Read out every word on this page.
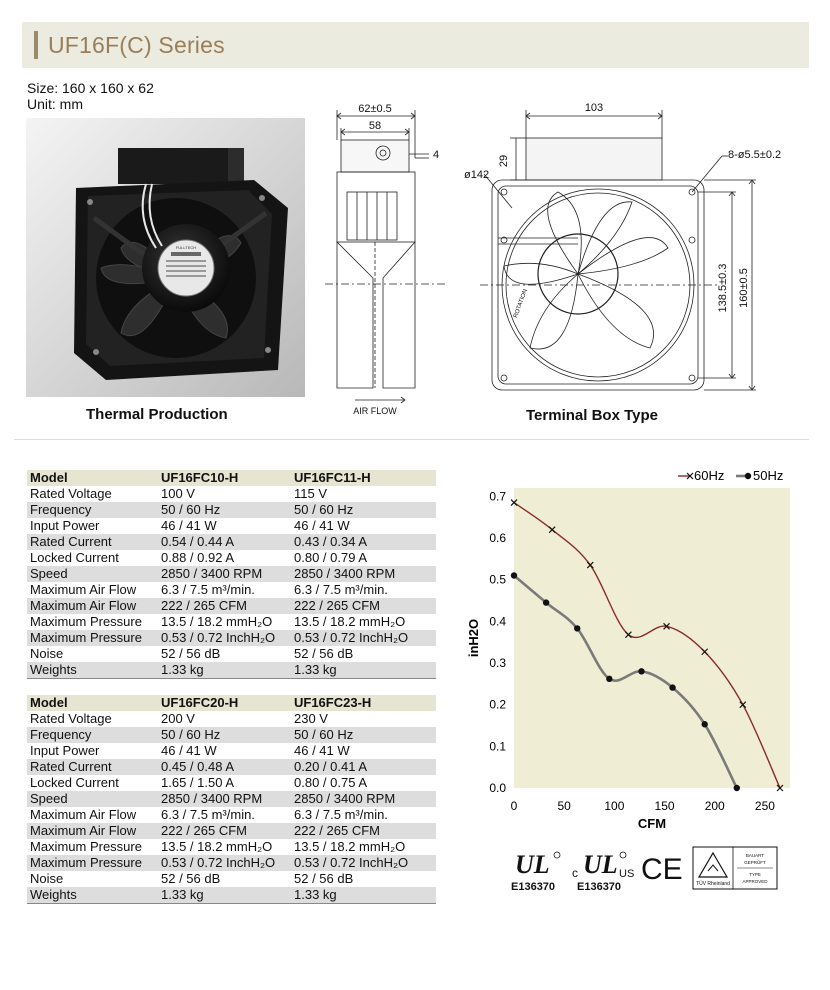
UF16F(C) Series
Size: 160 x 160 x 62
Unit: mm
FULLTECH
Thermal Production
62±0.5
58
4
AIR FLOW
103
29
ø142
8-ø5.5±0.2
138.5±0.3 160±0.5
ROTATION
Terminal Box Type
Model	UF16FC10-H	UF16FC11-H
Rated Voltage	100 V	115 V
Frequency	50 / 60 Hz	50 / 60 Hz
Input Power	46 / 41 W	46 / 41 W
Rated Current	0.54 / 0.44 A	0.43 / 0.34 A
Locked Current	0.88 / 0.92 A	0.80 / 0.79 A
Speed	2850 / 3400 RPM	2850 / 3400 RPM
Maximum Air Flow	6.3 / 7.5 m³/min.	6.3 / 7.5 m³/min.
Maximum Air Flow	222 / 265 CFM	222 / 265 CFM
Maximum Pressure	13.5 / 18.2 mmH₂O	13.5 / 18.2 mmH₂O
Maximum Pressure	0.53 / 0.72 InchH₂O	0.53 / 0.72 InchH₂O
Noise	52 / 56 dB	52 / 56 dB
Weights	1.33 kg	1.33 kg
Model	UF16FC20-H	UF16FC23-H
Rated Voltage	200 V	230 V
Frequency	50 / 60 Hz	50 / 60 Hz
Input Power	46 / 41 W	46 / 41 W
Rated Current	0.45 / 0.48 A	0.20 / 0.41 A
Locked Current	1.65 / 1.50 A	0.80 / 0.75 A
Speed	2850 / 3400 RPM	2850 / 3400 RPM
Maximum Air Flow	6.3 / 7.5 m³/min.	6.3 / 7.5 m³/min.
Maximum Air Flow	222 / 265 CFM	222 / 265 CFM
Maximum Pressure	13.5 / 18.2 mmH₂O	13.5 / 18.2 mmH₂O
Maximum Pressure	0.53 / 0.72 InchH₂O	0.53 / 0.72 InchH₂O
Noise	52 / 56 dB	52 / 56 dB
Weights	1.33 kg	1.33 kg
0.0
0.1
0.2
0.3
0.4
0.5
0.6
0.7
0	50	100	150	200	250
60Hz 50Hz
CFM
inH2O
UL
E136370
c UL US
E136370
CE	TÜV Rheinland
BAUART
GEPRÜFT
TYPE
APPROVED
